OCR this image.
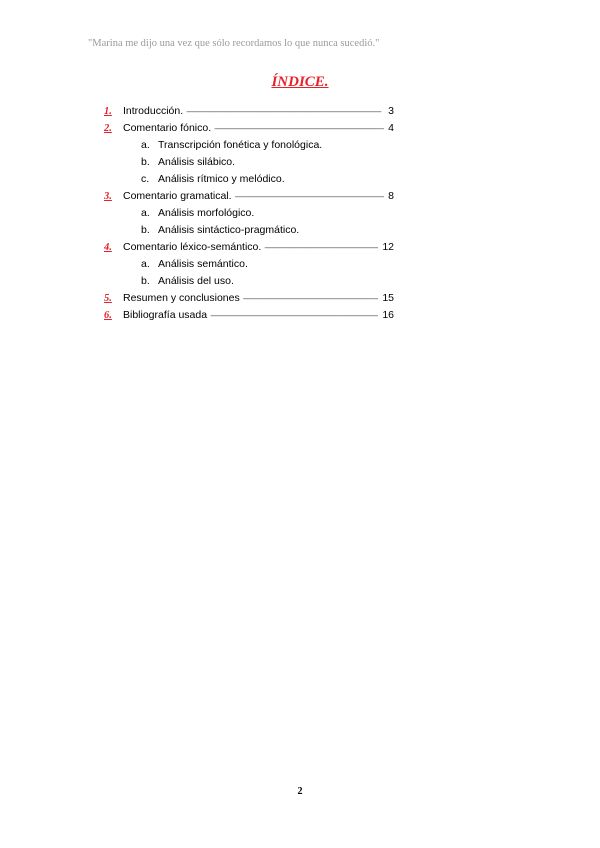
"Marina me dijo una vez que sólo recordamos lo que nunca sucedió."
ÍNDICE.
1.	Introducción. -----	3
2.	Comentario fónico. -----	4
a. Transcripción fonética y fonológica.
b. Análisis silábico.
c. Análisis rítmico y melódico.
3.	Comentario gramatical. -----	8
a. Análisis morfológico.
b. Análisis sintáctico-pragmático.
4.	Comentario léxico-semántico. -----	12
a. Análisis semántico.
b. Análisis del uso.
5.	Resumen y conclusiones -----	15
6.	Bibliografía usada -----	16
2
